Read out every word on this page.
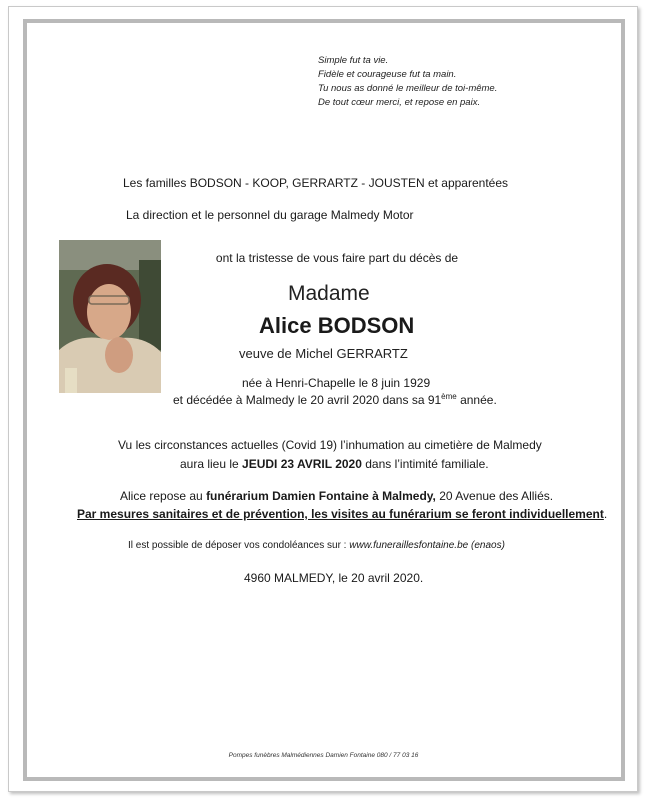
Simple fut ta vie.
Fidèle et courageuse fut ta main.
Tu nous as donné le meilleur de toi-même.
De tout cœur merci, et repose en paix.
Les familles BODSON - KOOP, GERRARTZ - JOUSTEN et apparentées
La direction et le personnel du garage Malmedy Motor
ont la tristesse de vous faire part du décès de
Madame
Alice BODSON
veuve de Michel GERRARTZ
née à Henri-Chapelle le 8 juin 1929
et décédée à Malmedy le 20 avril 2020 dans sa 91ème année.
Vu les circonstances actuelles (Covid 19) l’inhumation au cimetière de Malmedy
aura lieu le JEUDI 23 AVRIL 2020 dans l’intimité familiale.
Alice repose au funérarium Damien Fontaine à Malmedy, 20 Avenue des Alliés.
Par mesures sanitaires et de prévention, les visites au funérarium se feront individuellement.
Il est possible de déposer vos condoléances sur : www.funeraillesfontaine.be (enaos)
4960 MALMEDY, le 20 avril 2020.
Pompes funèbres Malmédiennes Damien Fontaine 080 / 77 03 16
